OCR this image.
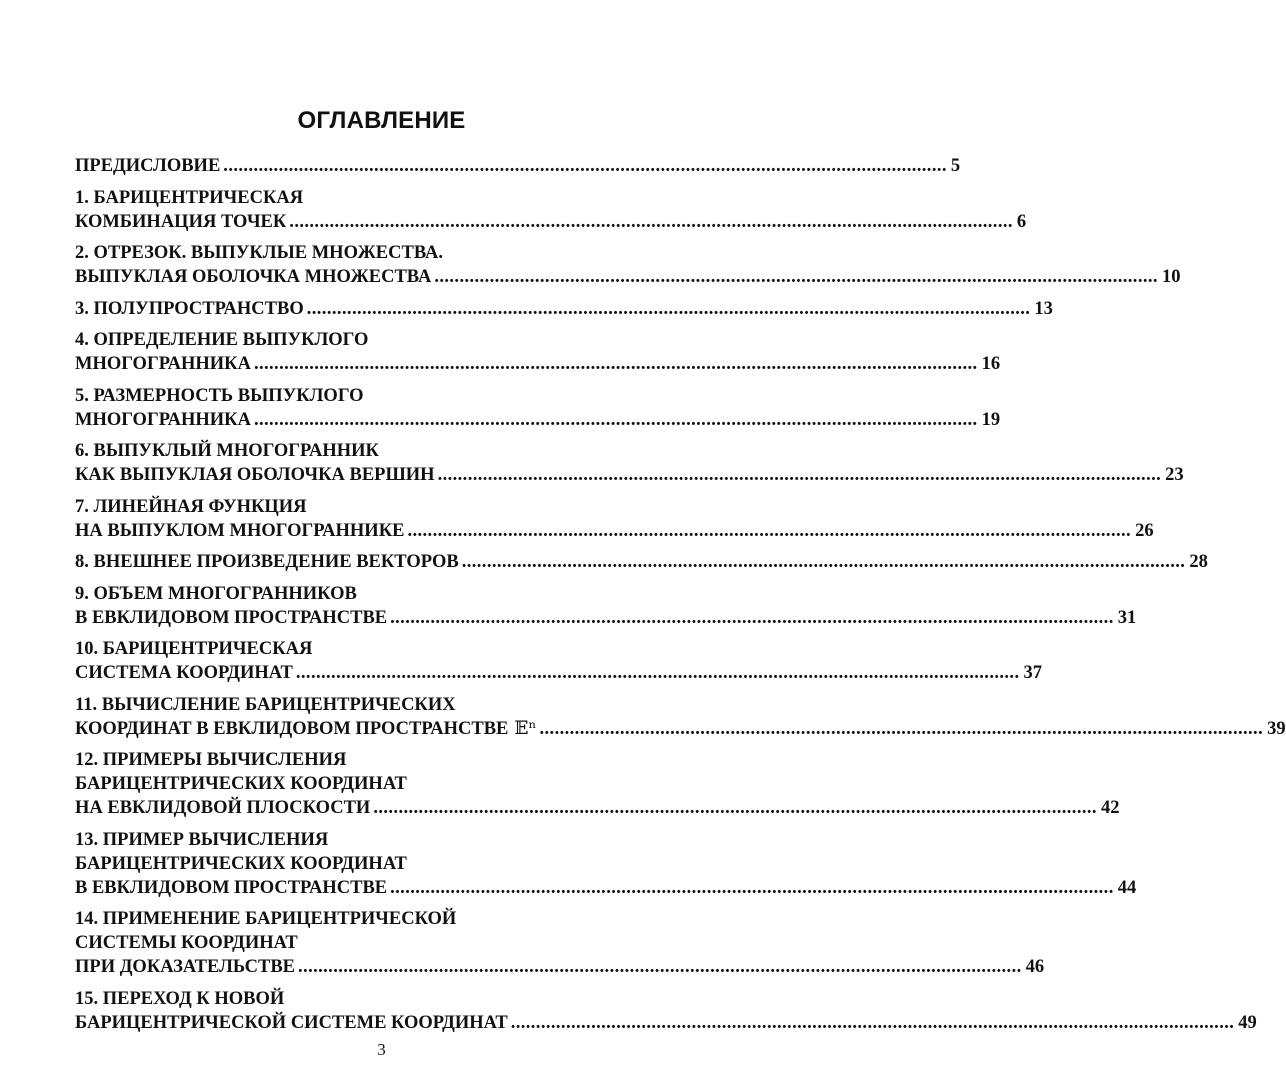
ОГЛАВЛЕНИЕ
ПРЕДИСЛОВИЕ ................................................................................................................................................ 5
1. БАРИЦЕНТРИЧЕСКАЯ
КОМБИНАЦИЯ ТОЧЕК ................................................................................................................................................ 6
2. ОТРЕЗОК. ВЫПУКЛЫЕ МНОЖЕСТВА.
ВЫПУКЛАЯ ОБОЛОЧКА МНОЖЕСТВА ................................................................................................................................................ 10
3. ПОЛУПРОСТРАНСТВО ................................................................................................................................................ 13
4. ОПРЕДЕЛЕНИЕ ВЫПУКЛОГО
МНОГОГРАННИКА ................................................................................................................................................ 16
5. РАЗМЕРНОСТЬ ВЫПУКЛОГО
МНОГОГРАННИКА ................................................................................................................................................ 19
6. ВЫПУКЛЫЙ МНОГОГРАННИК
КАК ВЫПУКЛАЯ ОБОЛОЧКА ВЕРШИН ................................................................................................................................................ 23
7. ЛИНЕЙНАЯ ФУНКЦИЯ
НА ВЫПУКЛОМ МНОГОГРАННИКЕ ................................................................................................................................................ 26
8. ВНЕШНЕЕ ПРОИЗВЕДЕНИЕ ВЕКТОРОВ ................................................................................................................................................ 28
9. ОБЪЕМ МНОГОГРАННИКОВ
В ЕВКЛИДОВОМ ПРОСТРАНСТВЕ ................................................................................................................................................ 31
10. БАРИЦЕНТРИЧЕСКАЯ
СИСТЕМА КООРДИНАТ ................................................................................................................................................ 37
11. ВЫЧИСЛЕНИЕ БАРИЦЕНТРИЧЕСКИХ
КООРДИНАТ В ЕВКЛИДОВОМ ПРОСТРАНСТВЕ 𝔼ⁿ ................................................................................................................................................ 39
12. ПРИМЕРЫ ВЫЧИСЛЕНИЯ
БАРИЦЕНТРИЧЕСКИХ КООРДИНАТ
НА ЕВКЛИДОВОЙ ПЛОСКОСТИ ................................................................................................................................................ 42
13. ПРИМЕР ВЫЧИСЛЕНИЯ
БАРИЦЕНТРИЧЕСКИХ КООРДИНАТ
В ЕВКЛИДОВОМ ПРОСТРАНСТВЕ ................................................................................................................................................ 44
14. ПРИМЕНЕНИЕ БАРИЦЕНТРИЧЕСКОЙ
СИСТЕМЫ КООРДИНАТ
ПРИ ДОКАЗАТЕЛЬСТВЕ ................................................................................................................................................ 46
15. ПЕРЕХОД К НОВОЙ
БАРИЦЕНТРИЧЕСКОЙ СИСТЕМЕ КООРДИНАТ ................................................................................................................................................ 49
3
